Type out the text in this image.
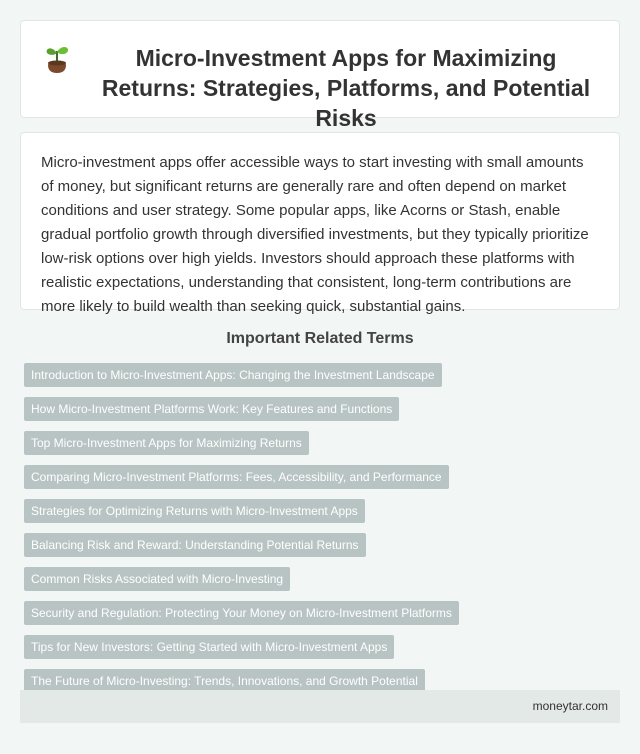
Micro-Investment Apps for Maximizing Returns: Strategies, Platforms, and Potential Risks

Micro-investment apps offer accessible ways to start investing with small amounts of money, but significant returns are generally rare and often depend on market conditions and user strategy. Some popular apps, like Acorns or Stash, enable gradual portfolio growth through diversified investments, but they typically prioritize low-risk options over high yields. Investors should approach these platforms with realistic expectations, understanding that consistent, long-term contributions are more likely to build wealth than seeking quick, substantial gains.

Important Related Terms
Introduction to Micro-Investment Apps: Changing the Investment Landscape
How Micro-Investment Platforms Work: Key Features and Functions
Top Micro-Investment Apps for Maximizing Returns
Comparing Micro-Investment Platforms: Fees, Accessibility, and Performance
Strategies for Optimizing Returns with Micro-Investment Apps
Balancing Risk and Reward: Understanding Potential Returns
Common Risks Associated with Micro-Investing
Security and Regulation: Protecting Your Money on Micro-Investment Platforms
Tips for New Investors: Getting Started with Micro-Investment Apps
The Future of Micro-Investing: Trends, Innovations, and Growth Potential
moneytar.com
